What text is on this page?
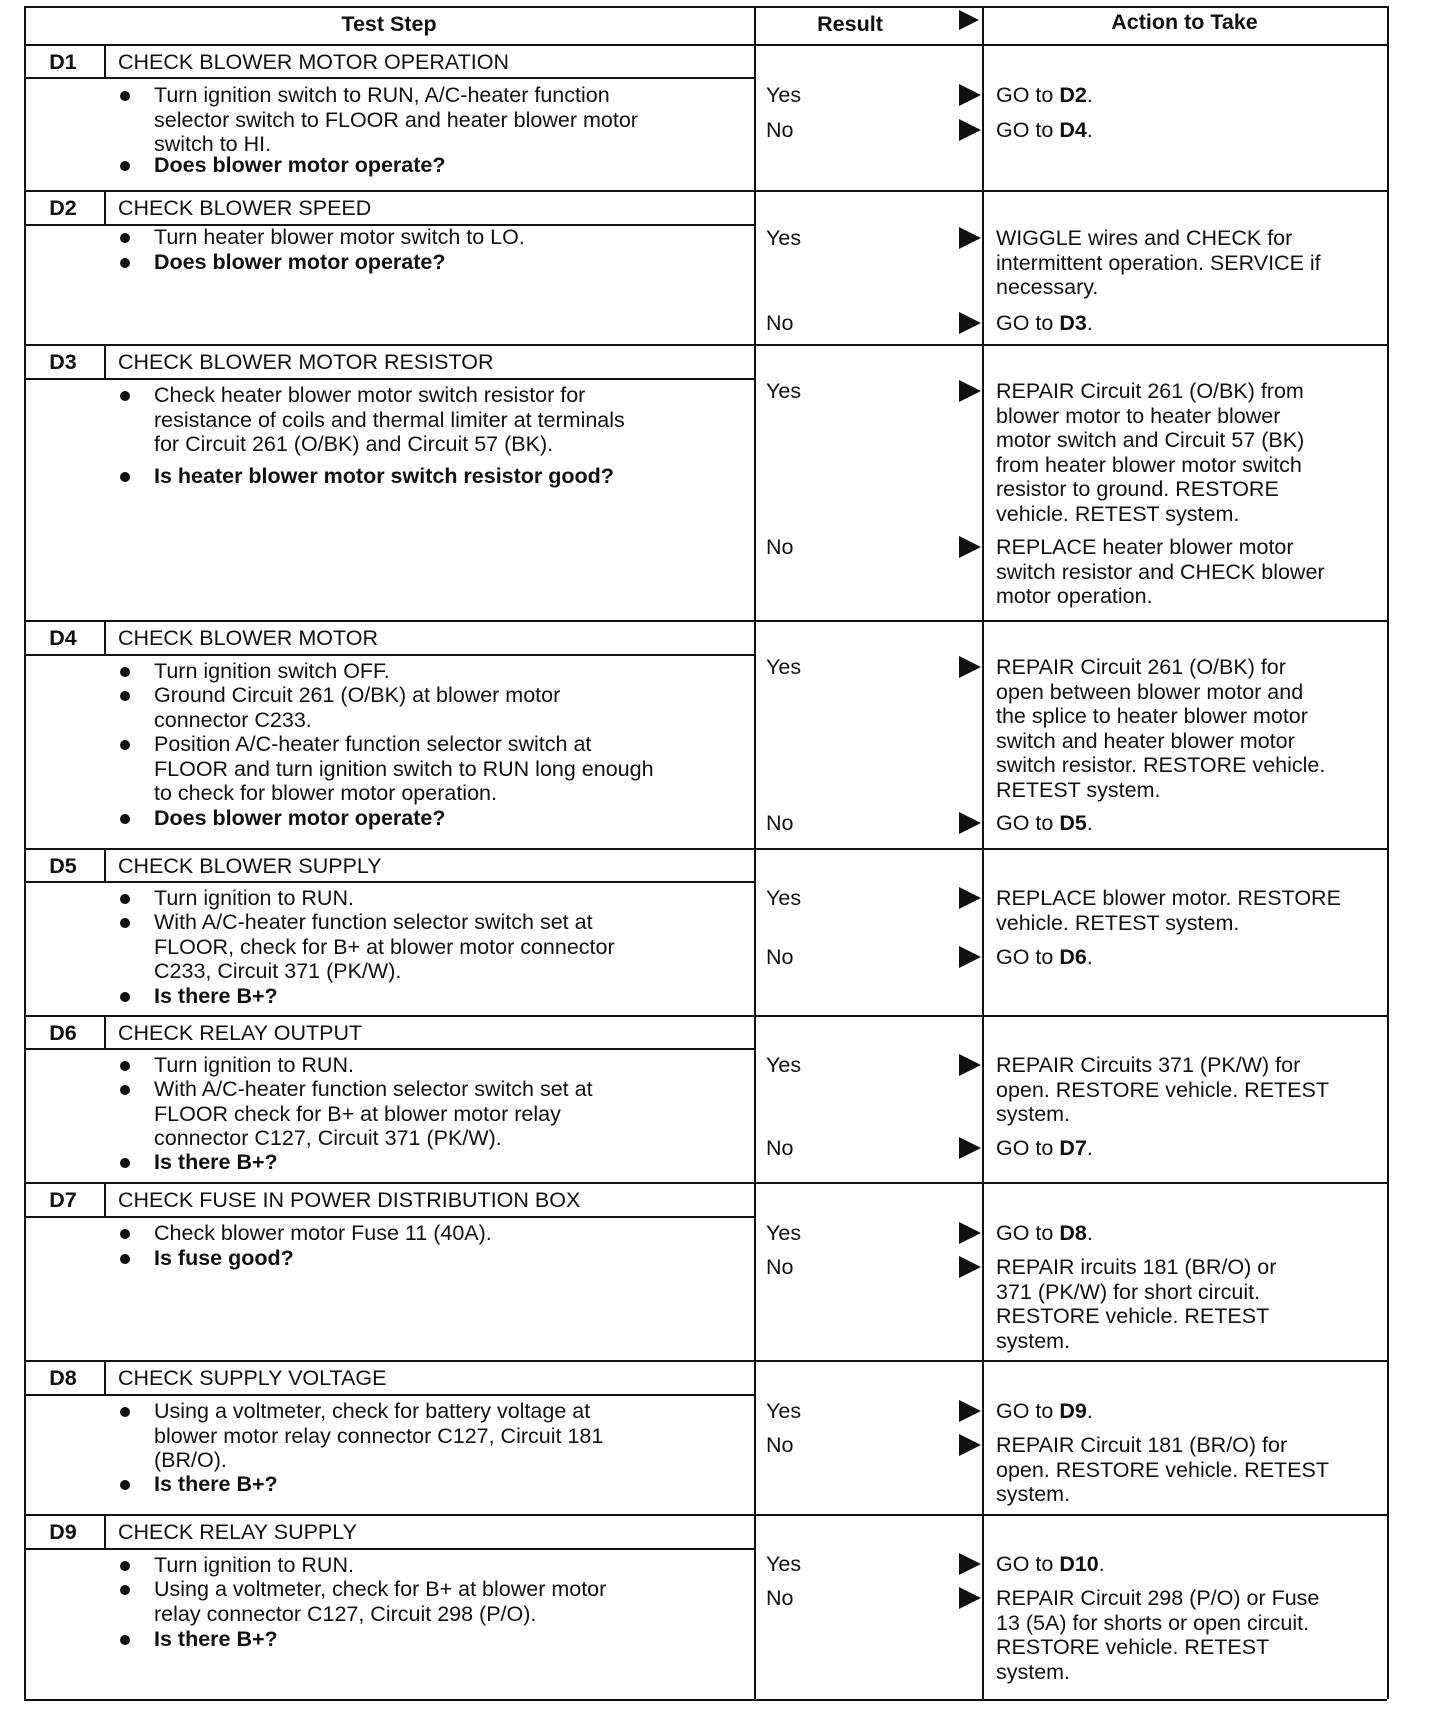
Test Step	Result	Action to Take
D1	CHECK BLOWER MOTOR OPERATION
Turn ignition switch to RUN, A/C-heater function
selector switch to FLOOR and heater blower motor
switch to HI.
Does blower motor operate?
Yes	GO to D2.
No	GO to D4.
D2	CHECK BLOWER SPEED
Turn heater blower motor switch to LO.
Does blower motor operate?
Yes	WIGGLE wires and CHECK for
intermittent operation. SERVICE if
necessary.
No	GO to D3.
D3	CHECK BLOWER MOTOR RESISTOR
Check heater blower motor switch resistor for
resistance of coils and thermal limiter at terminals
for Circuit 261 (O/BK) and Circuit 57 (BK).
Is heater blower motor switch resistor good?
Yes	REPAIR Circuit 261 (O/BK) from
blower motor to heater blower
motor switch and Circuit 57 (BK)
from heater blower motor switch
resistor to ground. RESTORE
vehicle. RETEST system.
No	REPLACE heater blower motor
switch resistor and CHECK blower
motor operation.
D4	CHECK BLOWER MOTOR
Turn ignition switch OFF.
Ground Circuit 261 (O/BK) at blower motor
connector C233.
Position A/C-heater function selector switch at
FLOOR and turn ignition switch to RUN long enough
to check for blower motor operation.
Does blower motor operate?
Yes	REPAIR Circuit 261 (O/BK) for
open between blower motor and
the splice to heater blower motor
switch and heater blower motor
switch resistor. RESTORE vehicle.
RETEST system.
No	GO to D5.
D5	CHECK BLOWER SUPPLY
Turn ignition to RUN.
With A/C-heater function selector switch set at
FLOOR, check for B+ at blower motor connector
C233, Circuit 371 (PK/W).
Is there B+?
Yes	REPLACE blower motor. RESTORE
vehicle. RETEST system.
No	GO to D6.
D6	CHECK RELAY OUTPUT
Turn ignition to RUN.
With A/C-heater function selector switch set at
FLOOR check for B+ at blower motor relay
connector C127, Circuit 371 (PK/W).
Is there B+?
Yes	REPAIR Circuits 371 (PK/W) for
open. RESTORE vehicle. RETEST
system.
No	GO to D7.
D7	CHECK FUSE IN POWER DISTRIBUTION BOX
Check blower motor Fuse 11 (40A).
Is fuse good?
Yes	GO to D8.
No	REPAIR ircuits 181 (BR/O) or
371 (PK/W) for short circuit.
RESTORE vehicle. RETEST
system.
D8	CHECK SUPPLY VOLTAGE
Using a voltmeter, check for battery voltage at
blower motor relay connector C127, Circuit 181
(BR/O).
Is there B+?
Yes	GO to D9.
No	REPAIR Circuit 181 (BR/O) for
open. RESTORE vehicle. RETEST
system.
D9	CHECK RELAY SUPPLY
Turn ignition to RUN.
Using a voltmeter, check for B+ at blower motor
relay connector C127, Circuit 298 (P/O).
Is there B+?
Yes	GO to D10.
No	REPAIR Circuit 298 (P/O) or Fuse
13 (5A) for shorts or open circuit.
RESTORE vehicle. RETEST
system.
